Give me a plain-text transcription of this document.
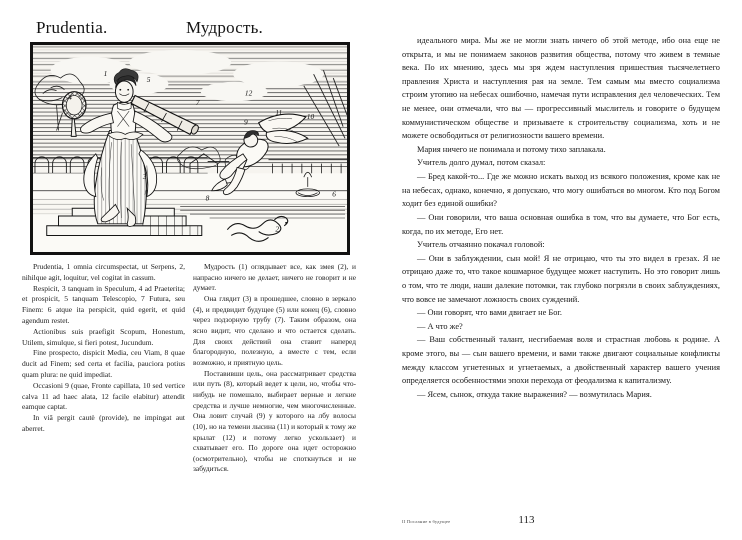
Prudentia.	Мудрость.
1
2
3
4
5
6
7
8
9
10
11
12

Prudentia, 1 omnia circumspectat, ut Serpens, 2, nihilque agit, loquitur, vel cogitat in cassum.

Respicit, 3 tanquam in Speculum, 4 ad Praeterita; et prospicit, 5 tanquam Telescopio, 7 Futura, seu Finem: 6 atque ita perspicit, quid egerit, et quid agendum restet.

Actionibus suis praefigit Scopum, Honestum, Utilem, simulque, si fieri potest, Jucundum.

Fine prospecto, dispicit Media, ceu Viam, 8 quae ducit ad Finem; sed certa et facilia, pauciora potius quam plura: ne quid impediat.

Occasioni 9 (quae, Fronte capillata, 10 sed vertice calva 11 ad haec alata, 12 facile elabitur) attendit eamque captat.

In viâ pergit cautè (provide), ne impingat aut aberret.

Мудрость (1) оглядывает все, как змея (2), и напрасно ничего не делает, ничего не говорит и не думает.

Она глядит (3) в прошедшее, словно в зеркало (4), и предвидит будущее (5) или конец (6), словно через подзорную трубу (7). Таким образом, она ясно видит, что сделано и что остается сделать. Для своих действий она ставит наперед благородную, полезную, а вместе с тем, если возможно, и приятную цель.

Поставивши цель, она рассматривает средства или путь (8), который ведет к цели, но, чтобы что-нибудь не помешало, выбирает верные и легкие средства и лучше немногие, чем многочисленные. Она ловит случай (9) у которого на лбу волосы (10), но на темени лысина (11) и который к тому же крылат (12) и потому легко ускользает) и схватывает его. По дороге она идет осторожно (осмотрительно), чтобы не споткнуться и не забудиться.

идеального мира. Мы же не могли знать ничего об этой методе, ибо она еще не открыта, и мы не понимаем законов развития общества, потому что живем в темные века. По их мнению, здесь мы зря ждем наступления пришествия тысячелетнего правления Христа и наступления рая на земле. Тем самым мы вместо социализма строим утопию на небесах ошибочно, намечая пути исправления дел человеческих. Тем не менее, они отмечали, что вы — прогрессивный мыслитель и говорите о будущем коммунистическом обществе и призываете к строительству социализма, хоть и не можете освободиться от религиозности вашего времени.

Мария ничего не понимала и потому тихо заплакала.

Учитель долго думал, потом сказал:

— Бред какой-то... Где же можно искать выход из всякого положения, кроме как не на небесах, однако, конечно, я допускаю, что могу ошибаться во многом. Кто под Богом ходит без единой ошибки?

— Они говорили, что ваша основная ошибка в том, что вы думаете, что Бог есть, когда, по их методе, Его нет.

Учитель отчаянно покачал головой:

— Они в заблуждении, сын мой! Я не отрицаю, что ты это видел в грезах. Я не отрицаю даже то, что такое кошмарное будущее может наступить. Но это говорит лишь о том, что те люди, наши далекие потомки, так глубоко погрязли в своих заблуждениях, что вовсе не замечают ложность своих суждений.

— Они говорят, что вами двигает не Бог.

— А что же?

— Ваш собственный талант, несгибаемая воля и страстная любовь к родине. А кроме этого, вы — сын вашего времени, и вами также двигают социальные конфликты между классом угнетенных и угнетаемых, а двойственный характер вашего учения определяется особенностями эпохи перехода от феодализма к капитализму.

— Ясем, сынок, откуда такие выражения? — возмутилась Мария.

II Послание в будущее	113
